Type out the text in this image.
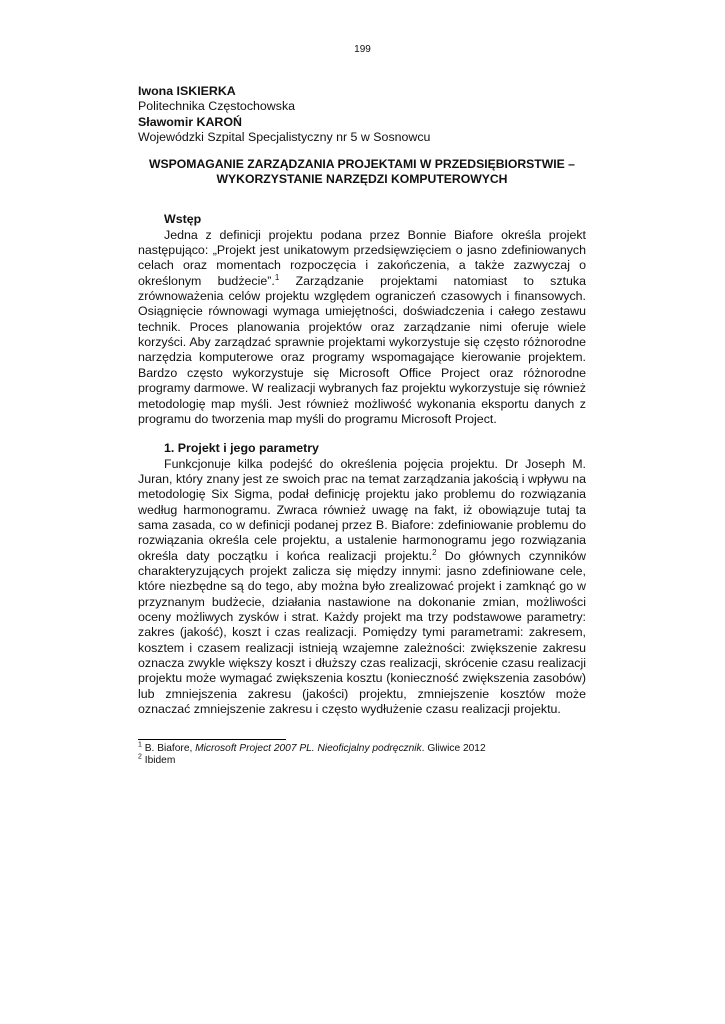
199

Iwona ISKIERKA

Politechnika Częstochowska

Sławomir KAROŃ

Wojewódzki Szpital Specjalistyczny nr 5 w Sosnowcu

WSPOMAGANIE ZARZĄDZANIA PROJEKTAMI W PRZEDSIĘBIORSTWIE – WYKORZYSTANIE NARZĘDZI KOMPUTEROWYCH

Wstęp

Jedna z definicji projektu podana przez Bonnie Biafore określa projekt następująco: „Projekt jest unikatowym przedsięwzięciem o jasno zdefiniowanych celach oraz momentach rozpoczęcia i zakończenia, a także zazwyczaj o określonym budżecie”.$^1$ Zarządzanie projektami natomiast to sztuka zrównoważenia celów projektu względem ograniczeń czasowych i finansowych. Osiągnięcie równowagi wymaga umiejętności, doświadczenia i całego zestawu technik. Proces planowania projektów oraz zarządzanie nimi oferuje wiele korzyści. Aby zarządzać sprawnie projektami wykorzystuje się często różnorodne narzędzia komputerowe oraz programy wspomagające kierowanie projektem. Bardzo często wykorzystuje się Microsoft Office Project oraz różnorodne programy darmowe. W realizacji wybranych faz projektu wykorzystuje się również metodologię map myśli. Jest również możliwość wykonania eksportu danych z programu do tworzenia map myśli do programu Microsoft Project.

1. Projekt i jego parametry

Funkcjonuje kilka podejść do określenia pojęcia projektu. Dr Joseph M. Juran, który znany jest ze swoich prac na temat zarządzania jakością i wpływu na metodologię Six Sigma, podał definicję projektu jako problemu do rozwiązania według harmonogramu. Zwraca również uwagę na fakt, iż obowiązuje tutaj ta sama zasada, co w definicji podanej przez B. Biafore: zdefiniowanie problemu do rozwiązania określa cele projektu, a ustalenie harmonogramu jego rozwiązania określa daty początku i końca realizacji projektu.$^2$ Do głównych czynników charakteryzujących projekt zalicza się między innymi: jasno zdefiniowane cele, które niezbędne są do tego, aby można było zrealizować projekt i zamknąć go w przyznanym budżecie, działania nastawione na dokonanie zmian, możliwości oceny możliwych zysków i strat. Każdy projekt ma trzy podstawowe parametry: zakres (jakość), koszt i czas realizacji. Pomiędzy tymi parametrami: zakresem, kosztem i czasem realizacji istnieją wzajemne zależności: zwiększenie zakresu oznacza zwykle większy koszt i dłuższy czas realizacji, skrócenie czasu realizacji projektu może wymagać zwiększenia kosztu (konieczność zwiększenia zasobów) lub zmniejszenia zakresu (jakości) projektu, zmniejszenie kosztów może oznaczać zmniejszenie zakresu i często wydłużenie czasu realizacji projektu.

$^1$ B. Biafore, Microsoft Project 2007 PL. Nieoficjalny podręcznik. Gliwice 2012
$^2$ Ibidem
